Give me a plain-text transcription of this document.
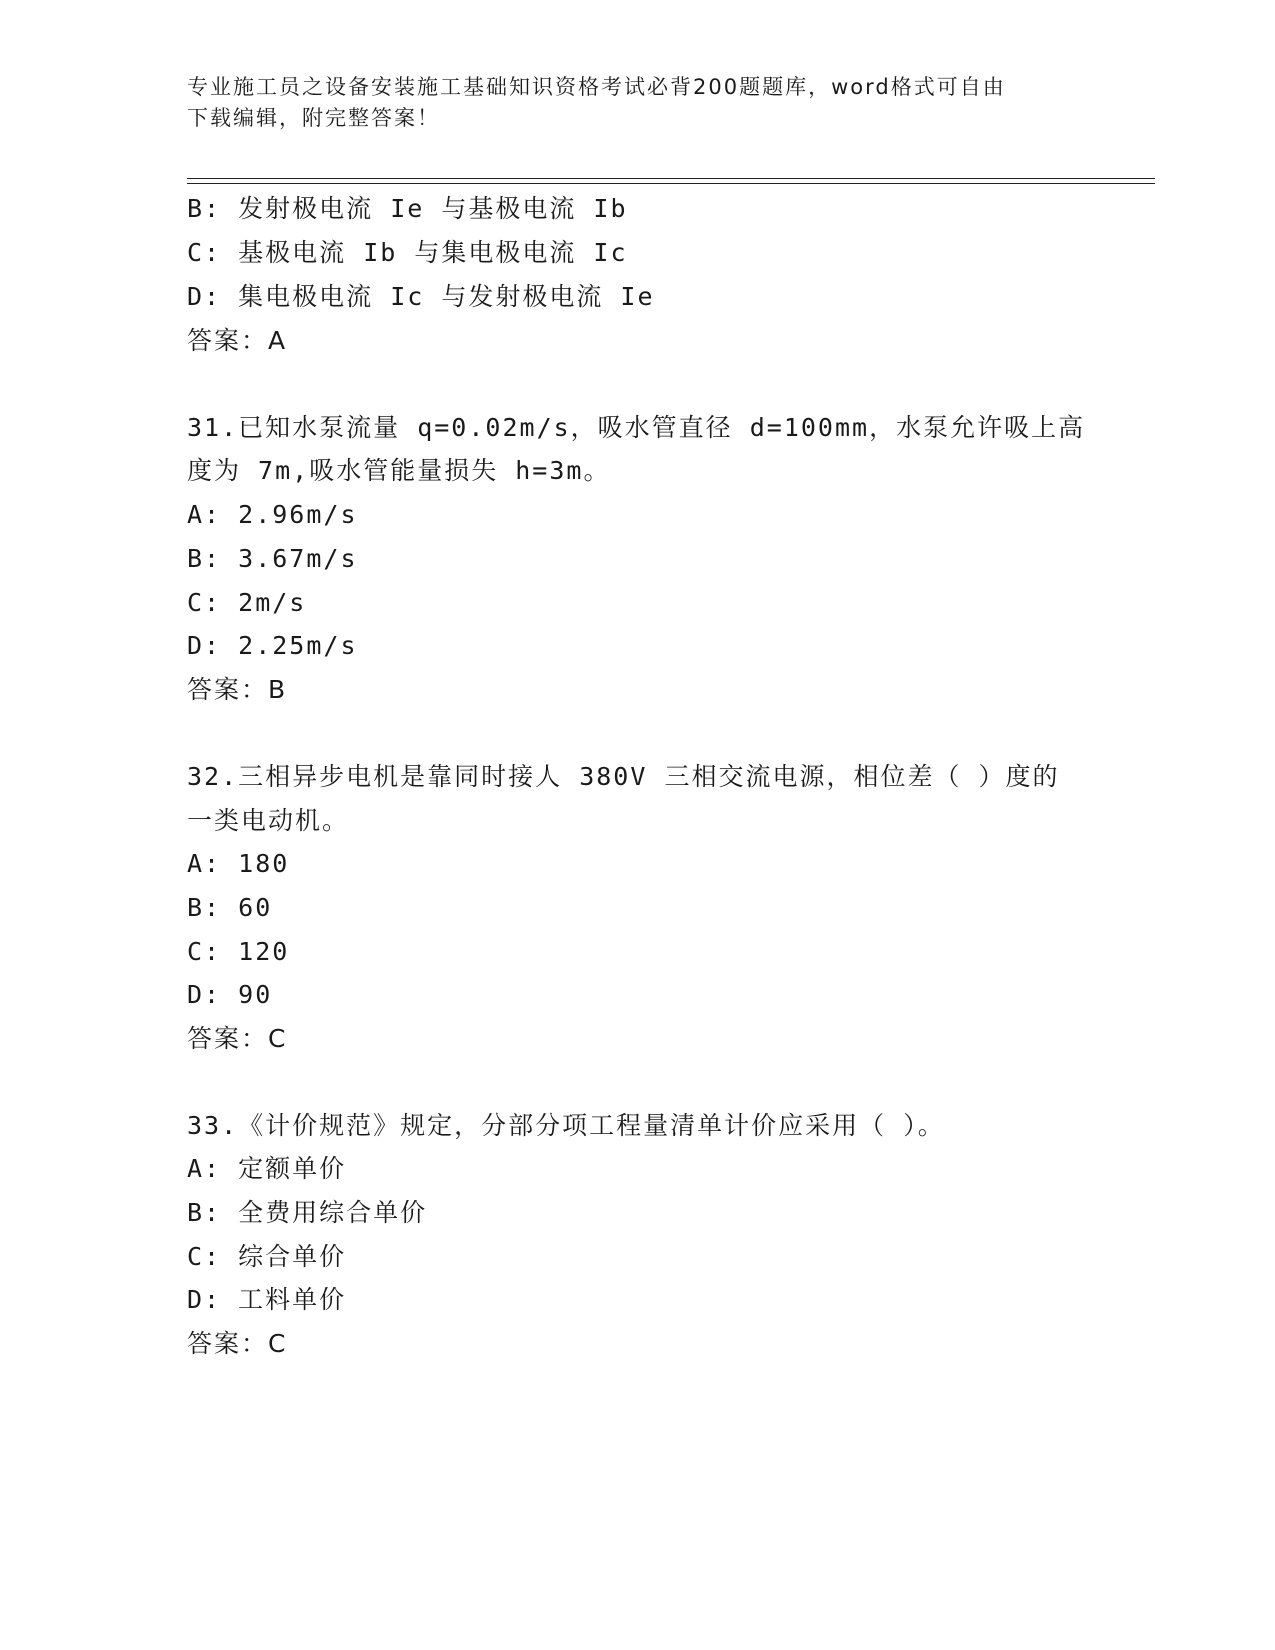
专业施工员之设备安装施工基础知识资格考试必背200题题库，word格式可自由
下载编辑，附完整答案！
B: 发射极电流 Ie 与基极电流 Ib
C: 基极电流 Ib 与集电极电流 Ic
D: 集电极电流 Ic 与发射极电流 Ie
答案：A
31.已知水泵流量 q=0.02m/s，吸水管直径 d=100mm，水泵允许吸上高
度为 7m,吸水管能量损失 h=3m。
A: 2.96m/s
B: 3.67m/s
C: 2m/s
D: 2.25m/s
答案：B
32.三相异步电机是靠同时接人 380V 三相交流电源，相位差（ ）度的
一类电动机。
A: 180
B: 60
C: 120
D: 90
答案：C
33.《计价规范》规定，分部分项工程量清单计价应采用（ ）。
A: 定额单价
B: 全费用综合单价
C: 综合单价
D: 工料单价
答案：C
